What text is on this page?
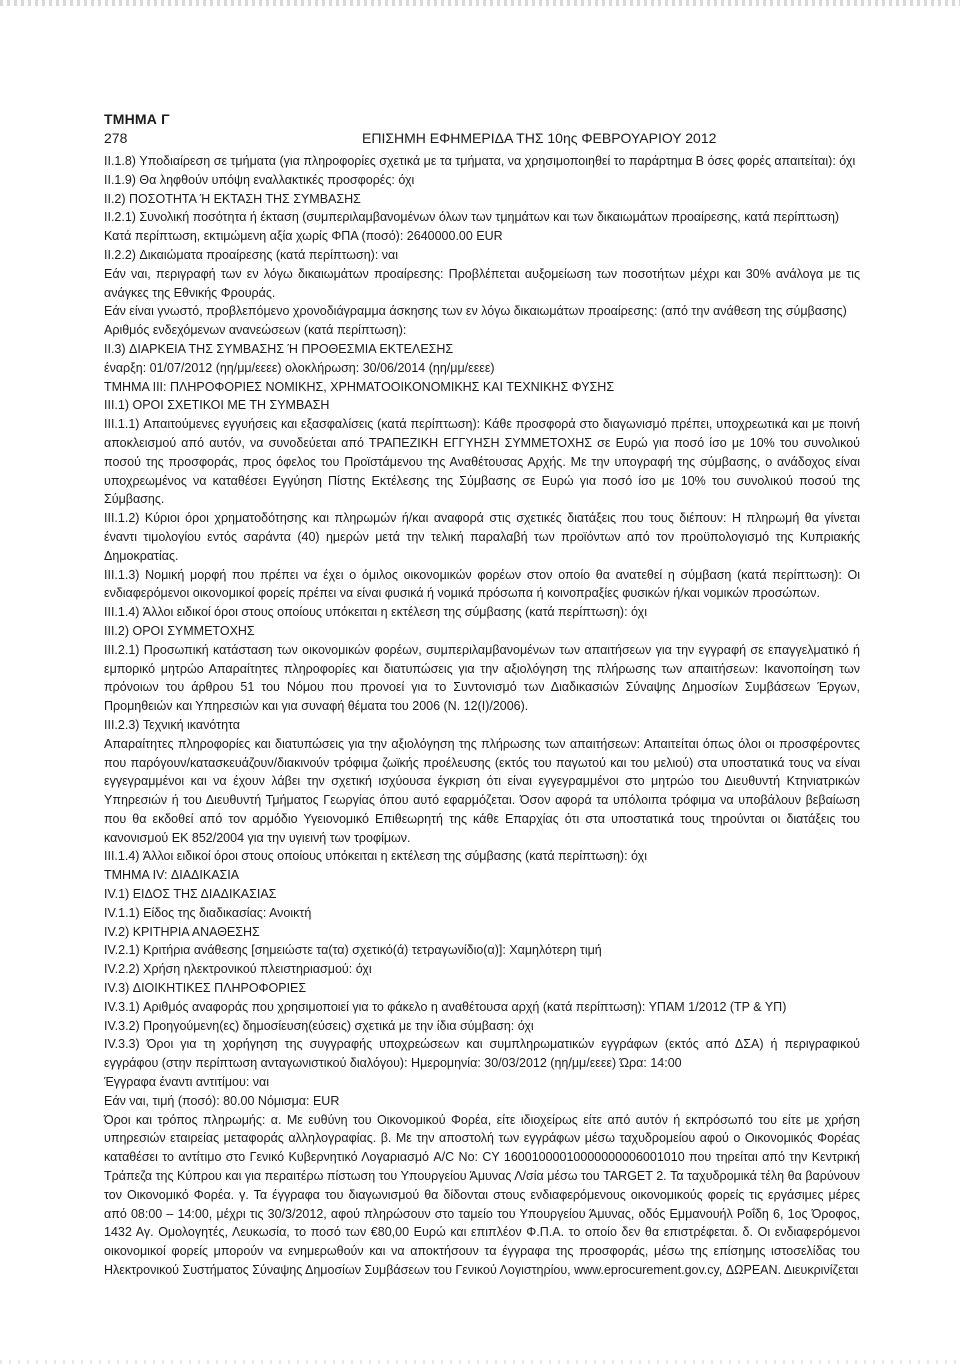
ΤΜΗΜΑ Γ
278	ΕΠΙΣΗΜΗ ΕΦΗΜΕΡΙΔΑ ΤΗΣ 10ης ΦΕΒΡΟΥΑΡΙΟΥ 2012
II.1.8) Υποδιαίρεση σε τμήματα (για πληροφορίες σχετικά με τα τμήματα, να χρησιμοποιηθεί το παράρτημα Β όσες φορές απαιτείται): όχι
II.1.9) Θα ληφθούν υπόψη εναλλακτικές προσφορές: όχι
II.2) ΠΟΣΟΤΗΤΑ Ή ΕΚΤΑΣΗ ΤΗΣ ΣΥΜΒΑΣΗΣ
II.2.1) Συνολική ποσότητα ή έκταση (συμπεριλαμβανομένων όλων των τμημάτων και των δικαιωμάτων προαίρεσης, κατά περίπτωση)
Κατά περίπτωση, εκτιμώμενη αξία χωρίς ΦΠΑ (ποσό): 2640000.00 EUR
II.2.2) Δικαιώματα προαίρεσης (κατά περίπτωση): ναι
Εάν ναι, περιγραφή των εν λόγω δικαιωμάτων προαίρεσης: Προβλέπεται αυξομείωση των ποσοτήτων μέχρι και 30% ανάλογα με τις ανάγκες της Εθνικής Φρουράς.
Εάν είναι γνωστό, προβλεπόμενο χρονοδιάγραμμα άσκησης των εν λόγω δικαιωμάτων προαίρεσης: (από την ανάθεση της σύμβασης)
Αριθμός ενδεχόμενων ανανεώσεων (κατά περίπτωση):
II.3) ΔΙΑΡΚΕΙΑ ΤΗΣ ΣΥΜΒΑΣΗΣ Ή ΠΡΟΘΕΣΜΙΑ ΕΚΤΕΛΕΣΗΣ
έναρξη: 01/07/2012 (ηη/μμ/εεεε) ολοκλήρωση: 30/06/2014 (ηη/μμ/εεεε)
ΤΜΗΜΑ III: ΠΛΗΡΟΦΟΡΙΕΣ ΝΟΜΙΚΗΣ, ΧΡΗΜΑΤΟΟΙΚΟΝΟΜΙΚΗΣ ΚΑΙ ΤΕΧΝΙΚΗΣ ΦΥΣΗΣ
III.1) ΟΡΟΙ ΣΧΕΤΙΚΟΙ ΜΕ ΤΗ ΣΥΜΒΑΣΗ
III.1.1) Απαιτούμενες εγγυήσεις και εξασφαλίσεις (κατά περίπτωση): Κάθε προσφορά στο διαγωνισμό πρέπει, υποχρεωτικά και με ποινή αποκλεισμού από αυτόν, να συνοδεύεται από ΤΡΑΠΕΖΙΚΗ ΕΓΓΥΗΣΗ ΣΥΜΜΕΤΟΧΗΣ σε Ευρώ για ποσό ίσο με 10% του συνολικού ποσού της προσφοράς, προς όφελος του Προϊστάμενου της Αναθέτουσας Αρχής. Με την υπογραφή της σύμβασης, ο ανάδοχος είναι υποχρεωμένος να καταθέσει Εγγύηση Πίστης Εκτέλεσης της Σύμβασης σε Ευρώ για ποσό ίσο με 10% του συνολικού ποσού της Σύμβασης.
III.1.2) Κύριοι όροι χρηματοδότησης και πληρωμών ή/και αναφορά στις σχετικές διατάξεις που τους διέπουν: Η πληρωμή θα γίνεται έναντι τιμολογίου εντός σαράντα (40) ημερών μετά την τελική παραλαβή των προϊόντων από τον προϋπολογισμό της Κυπριακής Δημοκρατίας.
III.1.3) Νομική μορφή που πρέπει να έχει ο όμιλος οικονομικών φορέων στον οποίο θα ανατεθεί η σύμβαση (κατά περίπτωση): Οι ενδιαφερόμενοι οικονομικοί φορείς πρέπει να είναι φυσικά ή νομικά πρόσωπα ή κοινοπραξίες φυσικών ή/και νομικών προσώπων.
III.1.4) Άλλοι ειδικοί όροι στους οποίους υπόκειται η εκτέλεση της σύμβασης (κατά περίπτωση): όχι
III.2) ΟΡΟΙ ΣΥΜΜΕΤΟΧΗΣ
III.2.1) Προσωπική κατάσταση των οικονομικών φορέων, συμπεριλαμβανομένων των απαιτήσεων για την εγγραφή σε επαγγελματικό ή εμπορικό μητρώο Απαραίτητες πληροφορίες και διατυπώσεις για την αξιολόγηση της πλήρωσης των απαιτήσεων: Ικανοποίηση των πρόνοιων του άρθρου 51 του Νόμου που προνοεί για το Συντονισμό των Διαδικασιών Σύναψης Δημοσίων Συμβάσεων Έργων, Προμηθειών και Υπηρεσιών και για συναφή θέματα του 2006 (Ν. 12(Ι)/2006).
III.2.3) Τεχνική ικανότητα
Απαραίτητες πληροφορίες και διατυπώσεις για την αξιολόγηση της πλήρωσης των απαιτήσεων: Απαιτείται όπως όλοι οι προσφέροντες που παρόγουν/κατασκευάζουν/διακινούν τρόφιμα ζωϊκής προέλευσης (εκτός του παγωτού και του μελιού) στα υποστατικά τους να είναι εγγεγραμμένοι και να έχουν λάβει την σχετική ισχύουσα έγκριση ότι είναι εγγεγραμμένοι στο μητρώο του Διευθυντή Κτηνιατρικών Υπηρεσιών ή του Διευθυντή Τμήματος Γεωργίας όπου αυτό εφαρμόζεται. Όσον αφορά τα υπόλοιπα τρόφιμα να υποβάλουν βεβαίωση που θα εκδοθεί από τον αρμόδιο Υγειονομικό Επιθεωρητή της κάθε Επαρχίας ότι στα υποστατικά τους τηρούνται οι διατάξεις του κανονισμού ΕΚ 852/2004 για την υγιεινή των τροφίμων.
III.1.4) Άλλοι ειδικοί όροι στους οποίους υπόκειται η εκτέλεση της σύμβασης (κατά περίπτωση): όχι
ΤΜΗΜΑ IV: ΔΙΑΔΙΚΑΣΙΑ
IV.1) ΕΙΔΟΣ ΤΗΣ ΔΙΑΔΙΚΑΣΙΑΣ
IV.1.1) Είδος της διαδικασίας: Ανοικτή
IV.2) ΚΡΙΤΗΡΙΑ ΑΝΑΘΕΣΗΣ
IV.2.1) Κριτήρια ανάθεσης [σημειώστε τα(τα) σχετικό(ά) τετραγωνίδιο(α)]: Χαμηλότερη τιμή
IV.2.2) Χρήση ηλεκτρονικού πλειστηριασμού: όχι
IV.3) ΔΙΟΙΚΗΤΙΚΕΣ ΠΛΗΡΟΦΟΡΙΕΣ
IV.3.1) Αριθμός αναφοράς που χρησιμοποιεί για το φάκελο η αναθέτουσα αρχή (κατά περίπτωση): ΥΠΑΜ 1/2012 (ΤΡ & ΥΠ)
IV.3.2) Προηγούμενη(ες) δημοσίευση(εύσεις) σχετικά με την ίδια σύμβαση: όχι
IV.3.3) Όροι για τη χορήγηση της συγγραφής υποχρεώσεων και συμπληρωματικών εγγράφων (εκτός από ΔΣΑ) ή περιγραφικού εγγράφου (στην περίπτωση ανταγωνιστικού διαλόγου): Ημερομηνία: 30/03/2012 (ηη/μμ/εεεε) Ώρα: 14:00
Έγγραφα έναντι αντιτίμου: ναι
Εάν ναι, τιμή (ποσό): 80.00 Νόμισμα: EUR
Όροι και τρόπος πληρωμής: α. Με ευθύνη του Οικονομικού Φορέα, είτε ιδιοχείρως είτε από αυτόν ή εκπρόσωπό του είτε με χρήση υπηρεσιών εταιρείας μεταφοράς αλληλογραφίας. β. Με την αποστολή των εγγράφων μέσω ταχυδρομείου αφού ο Οικονομικός Φορέας καταθέσει το αντίτιμο στο Γενικό Κυβερνητικό Λογαριασμό A/C No: CY 16001000010000000006001010 που τηρείται από την Κεντρική Τράπεζα της Κύπρου και για περαιτέρω πίστωση του Υπουργείου Άμυνας Λ/σία μέσω του TARGET 2. Τα ταχυδρομικά τέλη θα βαρύνουν τον Οικονομικό Φορέα. γ. Τα έγγραφα του διαγωνισμού θα δίδονται στους ενδιαφερόμενους οικονομικούς φορείς τις εργάσιμες μέρες από 08:00 – 14:00, μέχρι τις 30/3/2012, αφού πληρώσουν στο ταμείο του Υπουργείου Άμυνας, οδός Εμμανουήλ Ροΐδη 6, 1ος Όροφος, 1432 Αγ. Ομολογητές, Λευκωσία, το ποσό των €80,00 Ευρώ και επιπλέον Φ.Π.Α. το οποίο δεν θα επιστρέφεται. δ. Οι ενδιαφερόμενοι οικονομικοί φορείς μπορούν να ενημερωθούν και να αποκτήσουν τα έγγραφα της προσφοράς, μέσω της επίσημης ιστοσελίδας του Ηλεκτρονικού Συστήματος Σύναψης Δημοσίων Συμβάσεων του Γενικού Λογιστηρίου, www.eprocurement.gov.cy, ΔΩΡΕΑΝ. Διευκρινίζεται
